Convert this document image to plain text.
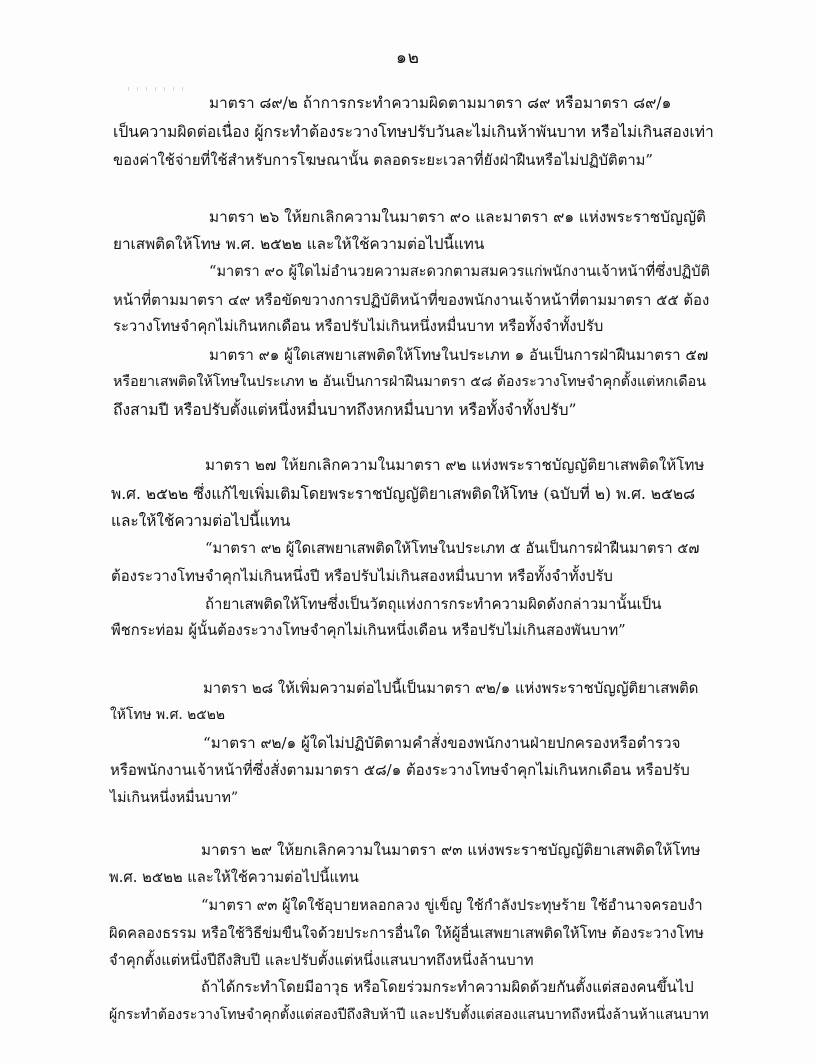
๑๒
มาตรา ๘๙/๒ ถ้าการกระทำความผิดตามมาตรา ๘๙ หรือมาตรา ๘๙/๑
เป็นความผิดต่อเนื่อง ผู้กระทำต้องระวางโทษปรับวันละไม่เกินห้าพันบาท หรือไม่เกินสองเท่า
ของค่าใช้จ่ายที่ใช้สำหรับการโฆษณานั้น ตลอดระยะเวลาที่ยังฝ่าฝืนหรือไม่ปฏิบัติตาม”
มาตรา ๒๖ ให้ยกเลิกความในมาตรา ๙๐ และมาตรา ๙๑ แห่งพระราชบัญญัติ
ยาเสพติดให้โทษ พ.ศ. ๒๕๒๒ และให้ใช้ความต่อไปนี้แทน
“มาตรา ๙๐ ผู้ใดไม่อำนวยความสะดวกตามสมควรแก่พนักงานเจ้าหน้าที่ซึ่งปฏิบัติ
หน้าที่ตามมาตรา ๔๙ หรือขัดขวางการปฏิบัติหน้าที่ของพนักงานเจ้าหน้าที่ตามมาตรา ๕๕ ต้อง
ระวางโทษจำคุกไม่เกินหกเดือน หรือปรับไม่เกินหนึ่งหมื่นบาท หรือทั้งจำทั้งปรับ
มาตรา ๙๑ ผู้ใดเสพยาเสพติดให้โทษในประเภท ๑ อันเป็นการฝ่าฝืนมาตรา ๕๗
หรือยาเสพติดให้โทษในประเภท ๒ อันเป็นการฝ่าฝืนมาตรา ๕๘ ต้องระวางโทษจำคุกตั้งแต่หกเดือน
ถึงสามปี หรือปรับตั้งแต่หนึ่งหมื่นบาทถึงหกหมื่นบาท หรือทั้งจำทั้งปรับ”
มาตรา ๒๗ ให้ยกเลิกความในมาตรา ๙๒ แห่งพระราชบัญญัติยาเสพติดให้โทษ
พ.ศ. ๒๕๒๒ ซึ่งแก้ไขเพิ่มเติมโดยพระราชบัญญัติยาเสพติดให้โทษ (ฉบับที่ ๒) พ.ศ. ๒๕๒๘
และให้ใช้ความต่อไปนี้แทน
“มาตรา ๙๒ ผู้ใดเสพยาเสพติดให้โทษในประเภท ๕ อันเป็นการฝ่าฝืนมาตรา ๕๗
ต้องระวางโทษจำคุกไม่เกินหนึ่งปี หรือปรับไม่เกินสองหมื่นบาท หรือทั้งจำทั้งปรับ
ถ้ายาเสพติดให้โทษซึ่งเป็นวัตถุแห่งการกระทำความผิดดังกล่าวมานั้นเป็น
พืชกระท่อม ผู้นั้นต้องระวางโทษจำคุกไม่เกินหนึ่งเดือน หรือปรับไม่เกินสองพันบาท”
มาตรา ๒๘ ให้เพิ่มความต่อไปนี้เป็นมาตรา ๙๒/๑ แห่งพระราชบัญญัติยาเสพติด
ให้โทษ พ.ศ. ๒๕๒๒
“มาตรา ๙๒/๑ ผู้ใดไม่ปฏิบัติตามคำสั่งของพนักงานฝ่ายปกครองหรือตำรวจ
หรือพนักงานเจ้าหน้าที่ซึ่งสั่งตามมาตรา ๕๘/๑ ต้องระวางโทษจำคุกไม่เกินหกเดือน หรือปรับ
ไม่เกินหนึ่งหมื่นบาท”
มาตรา ๒๙ ให้ยกเลิกความในมาตรา ๙๓ แห่งพระราชบัญญัติยาเสพติดให้โทษ
พ.ศ. ๒๕๒๒ และให้ใช้ความต่อไปนี้แทน
“มาตรา ๙๓ ผู้ใดใช้อุบายหลอกลวง ขู่เข็ญ ใช้กำลังประทุษร้าย ใช้อำนาจครอบงำ
ผิดคลองธรรม หรือใช้วิธีข่มขืนใจด้วยประการอื่นใด ให้ผู้อื่นเสพยาเสพติดให้โทษ ต้องระวางโทษ
จำคุกตั้งแต่หนึ่งปีถึงสิบปี และปรับตั้งแต่หนึ่งแสนบาทถึงหนึ่งล้านบาท
ถ้าได้กระทำโดยมีอาวุธ หรือโดยร่วมกระทำความผิดด้วยกันตั้งแต่สองคนขึ้นไป
ผู้กระทำต้องระวางโทษจำคุกตั้งแต่สองปีถึงสิบห้าปี และปรับตั้งแต่สองแสนบาทถึงหนึ่งล้านห้าแสนบาท
